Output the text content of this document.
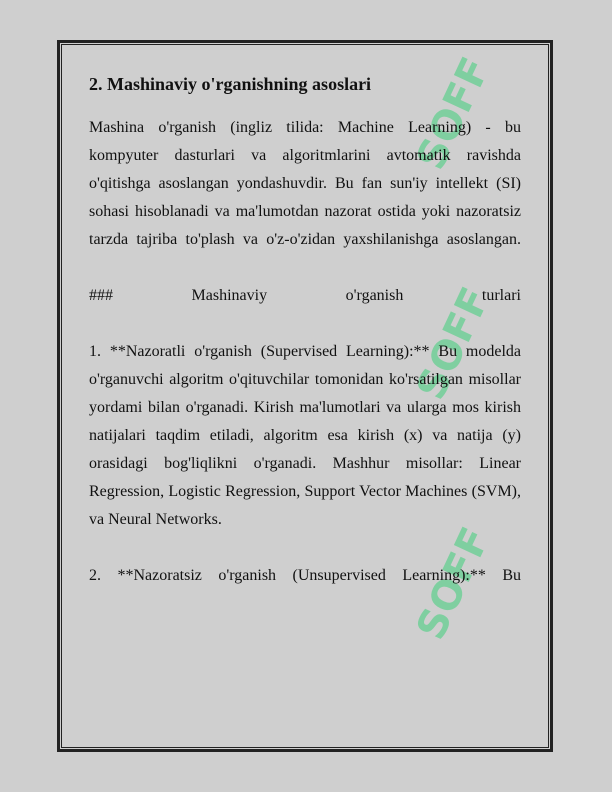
SOFF
SOFF
SOFF
2. Mashinaviy o'rganishning asoslari

Mashina o'rganish (ingliz tilida: Machine Learning) - bu kompyuter dasturlari va algoritmlarini avtomatik ravishda o'qitishga asoslangan yondashuvdir. Bu fan sun'iy intellekt (SI) sohasi hisoblanadi va ma'lumotdan nazorat ostida yoki nazoratsiz tarzda tajriba to'plash va o'z-o'zidan yaxshilanishga asoslangan.

### Mashinaviy o'rganish turlari

1. **Nazoratli o'rganish (Supervised Learning):** Bu modelda o'rganuvchi algoritm o'qituvchilar tomonidan ko'rsatilgan misollar yordami bilan o'rganadi. Kirish ma'lumotlari va ularga mos kirish natijalari taqdim etiladi, algoritm esa kirish (x) va natija (y) orasidagi bog'liqlikni o'rganadi. Mashhur misollar: Linear Regression, Logistic Regression, Support Vector Machines (SVM), va Neural Networks.

2. **Nazoratsiz o'rganish (Unsupervised Learning):** Bu
